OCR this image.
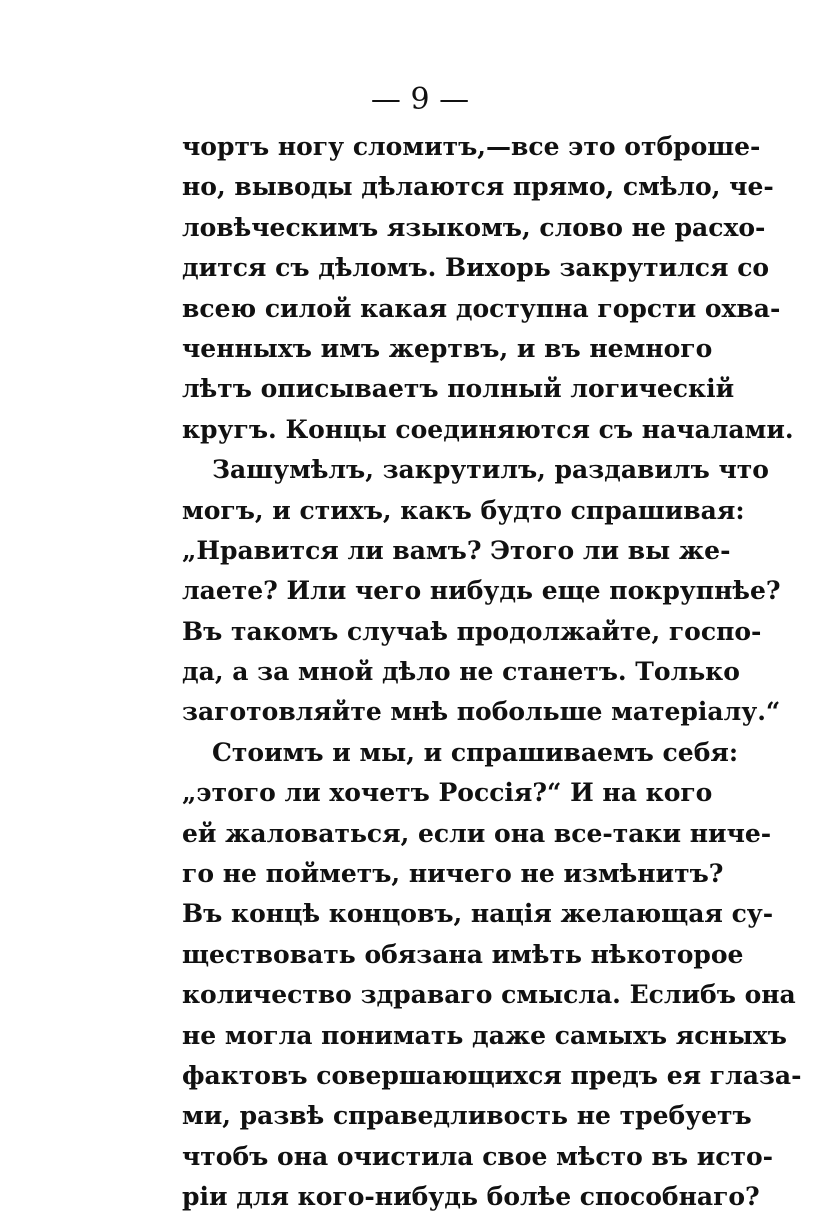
— 9 —
чортъ ногу сломитъ,—все это отброше-
но, выводы дѣлаются прямо, смѣло, че-
ловѣческимъ языкомъ, слово не расхо-
дится съ дѣломъ. Вихорь закрутился со
всею силой какая доступна горсти охва-
ченныхъ имъ жертвъ, и въ немного
лѣтъ описываетъ полный логическій
кругъ. Концы соединяются съ началами.
Зашумѣлъ, закрутилъ, раздавилъ что
могъ, и стихъ, какъ будто спрашивая:
„Нравится ли вамъ? Этого ли вы же-
лаете? Или чего нибудь еще покрупнѣе?
Въ такомъ случаѣ продолжайте, госпо-
да, а за мной дѣло не станетъ. Только
заготовляйте мнѣ побольше матеріалу.“
Стоимъ и мы, и спрашиваемъ себя:
„этого ли хочетъ Россія?“ И на кого
ей жаловаться, если она все-таки ниче-
го не пойметъ, ничего не измѣнитъ?
Въ концѣ концовъ, нація желающая су-
ществовать обязана имѣть нѣкоторое
количество здраваго смысла. Еслибъ она
не могла понимать даже самыхъ ясныхъ
фактовъ совершающихся предъ ея глаза-
ми, развѣ справедливость не требуетъ
чтобъ она очистила свое мѣсто въ исто-
ріи для кого-нибудь болѣе способнаго?
